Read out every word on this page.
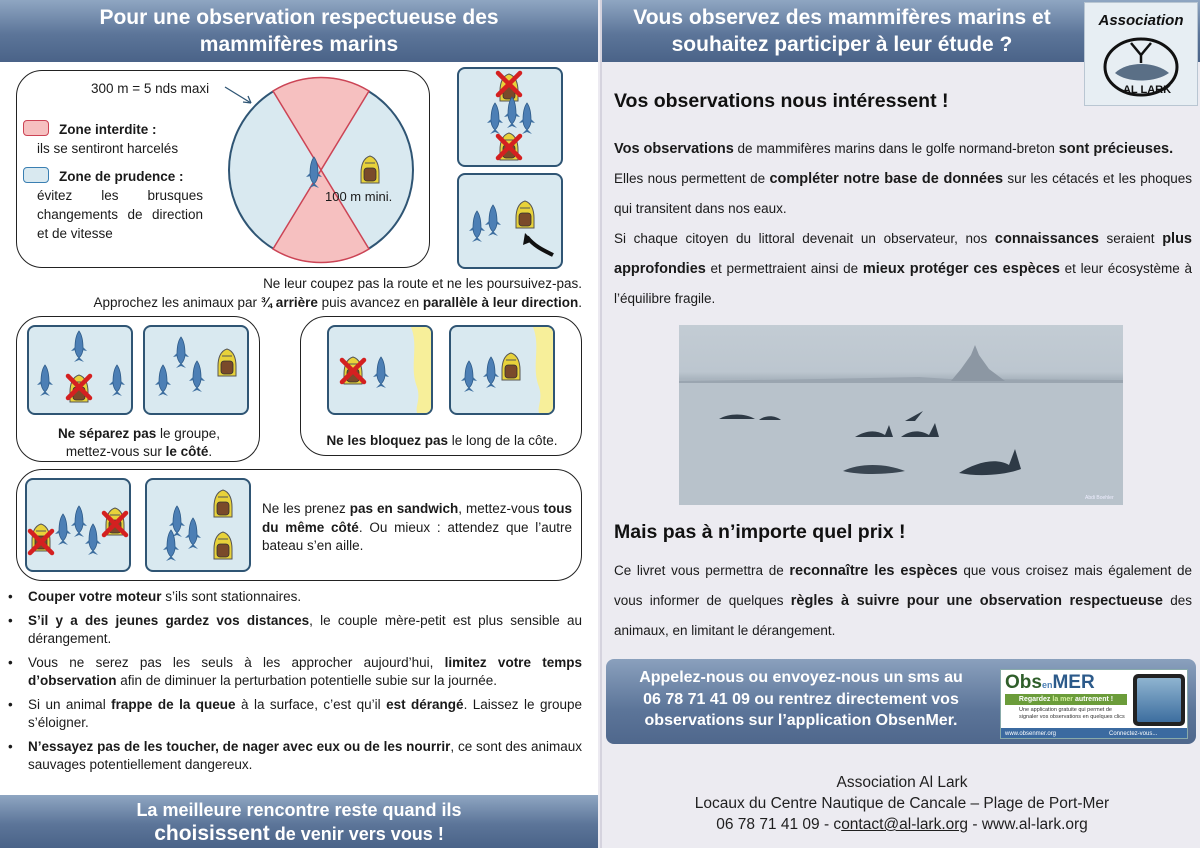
Pour une observation respectueuse des
mammifères marins
300 m = 5 nds maxi
Zone interdite :
ils se sentiront harcelés
Zone de prudence :
évitez les brusques changements de direction et de vitesse
100 m mini.
Ne leur coupez pas la route et ne les poursuivez-pas.
Approchez les animaux par ¾ arrière puis avancez en parallèle à leur direction.
Ne séparez pas le groupe,
mettez-vous sur le côté.
Ne les bloquez pas le long de la côte.
Ne les prenez pas en sandwich, mettez-vous tous du même côté. Ou mieux : attendez que l’autre bateau s’en aille.
• Couper votre moteur s’ils sont stationnaires.
• S’il y a des jeunes gardez vos distances, le couple mère-petit est plus sensible au dérangement.
• Vous ne serez pas les seuls à les approcher aujourd’hui, limitez votre temps d’observation afin de diminuer la perturbation potentielle subie sur la journée.
• Si un animal frappe de la queue à la surface, c’est qu’il est dérangé. Laissez le groupe s’éloigner.
• N’essayez pas de les toucher, de nager avec eux ou de les nourrir, ce sont des animaux sauvages potentiellement dangereux.
La meilleure rencontre reste quand ils
choisissent de venir vers vous !
Vous observez des mammifères marins et
souhaitez participer à leur étude ?
Association
AL LARK
Vos observations nous intéressent !
Vos observations de mammifères marins dans le golfe normand-breton sont précieuses.
Elles nous permettent de compléter notre base de données sur les cétacés et les phoques qui transitent dans nos eaux.
Si chaque citoyen du littoral devenait un observateur, nos connaissances seraient plus approfondies et permettraient ainsi de mieux protéger ces espèces et leur écosystème à l’équilibre fragile.
Abdi Boehler
Mais pas à n’importe quel prix !
Ce livret vous permettra de reconnaître les espèces que vous croisez mais également de vous informer de quelques règles à suivre pour une observation respectueuse des animaux, en limitant le dérangement.
Appelez-nous ou envoyez-nous un sms au
06 78 71 41 09 ou rentrez directement vos
observations sur l’application ObsenMer.
ObsenMER
Regardez la mer autrement !
Une application gratuite qui permet de signaler vos observations en quelques clics
www.obsenmer.org	Connectez-vous...
Association Al Lark
Locaux du Centre Nautique de Cancale – Plage de Port-Mer
06 78 71 41 09 - contact@al-lark.org - www.al-lark.org
